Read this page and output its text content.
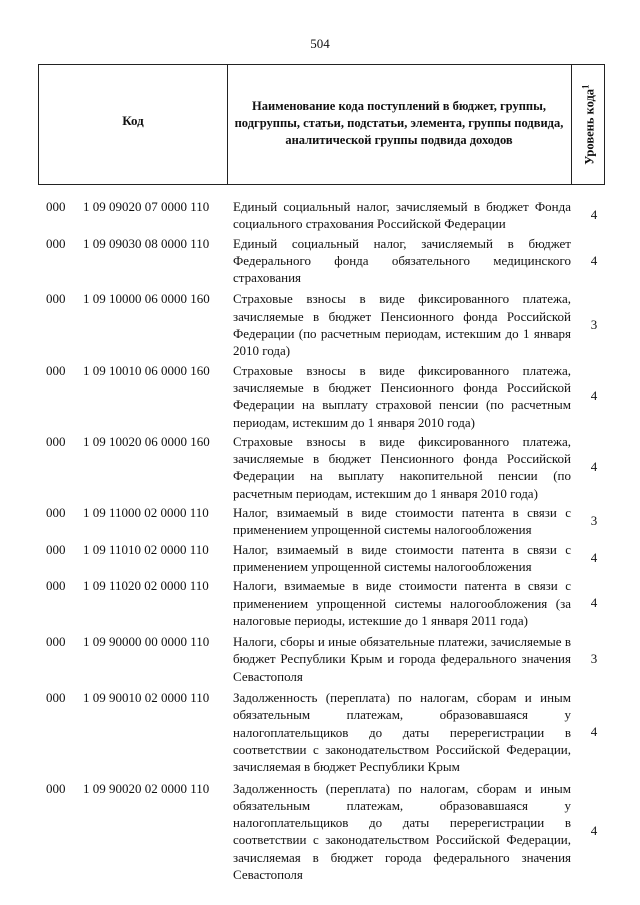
504
Код
Наименование кода поступлений в бюджет, группы, подгруппы, статьи, подстатьи, элемента, группы подвида, аналитической группы подвида доходов	Уровень кода$^1$
000 1 09 09020 07 0000 110 Единый социальный налог, зачисляемый в бюджет Фонда социального страхования Российской Федерации
4
000 1 09 09030 08 0000 110 Единый социальный налог, зачисляемый в бюджет Федерального фонда обязательного медицинского страхования
4
000 1 09 10000 06 0000 160 Страховые взносы в виде фиксированного платежа, зачисляемые в бюджет Пенсионного фонда Российской Федерации (по расчетным периодам, истекшим до 1 января 2010 года)
3
000 1 09 10010 06 0000 160 Страховые взносы в виде фиксированного платежа, зачисляемые в бюджет Пенсионного фонда Российской Федерации на выплату страховой пенсии (по расчетным периодам, истекшим до 1 января 2010 года)
4
000 1 09 10020 06 0000 160 Страховые взносы в виде фиксированного платежа, зачисляемые в бюджет Пенсионного фонда Российской Федерации на выплату накопительной пенсии (по расчетным периодам, истекшим до 1 января 2010 года)
4
000 1 09 11000 02 0000 110 Налог, взимаемый в виде стоимости патента в связи с применением упрощенной системы налогообложения
3
000 1 09 11010 02 0000 110 Налог, взимаемый в виде стоимости патента в связи с применением упрощенной системы налогообложения
4
000 1 09 11020 02 0000 110 Налоги, взимаемые в виде стоимости патента в связи с применением упрощенной системы налогообложения (за налоговые периоды, истекшие до 1 января 2011 года)
4
000 1 09 90000 00 0000 110 Налоги, сборы и иные обязательные платежи, зачисляемые в бюджет Республики Крым и города федерального значения Севастополя
3
000 1 09 90010 02 0000 110 Задолженность (переплата) по налогам, сборам и иным обязательным платежам, образовавшаяся у налогоплательщиков до даты перерегистрации в соответствии с законодательством Российской Федерации, зачисляемая в бюджет Республики Крым
4
000 1 09 90020 02 0000 110 Задолженность (переплата) по налогам, сборам и иным обязательным платежам, образовавшаяся у налогоплательщиков до даты перерегистрации в соответствии с законодательством Российской Федерации, зачисляемая в бюджет города федерального значения Севастополя
4
